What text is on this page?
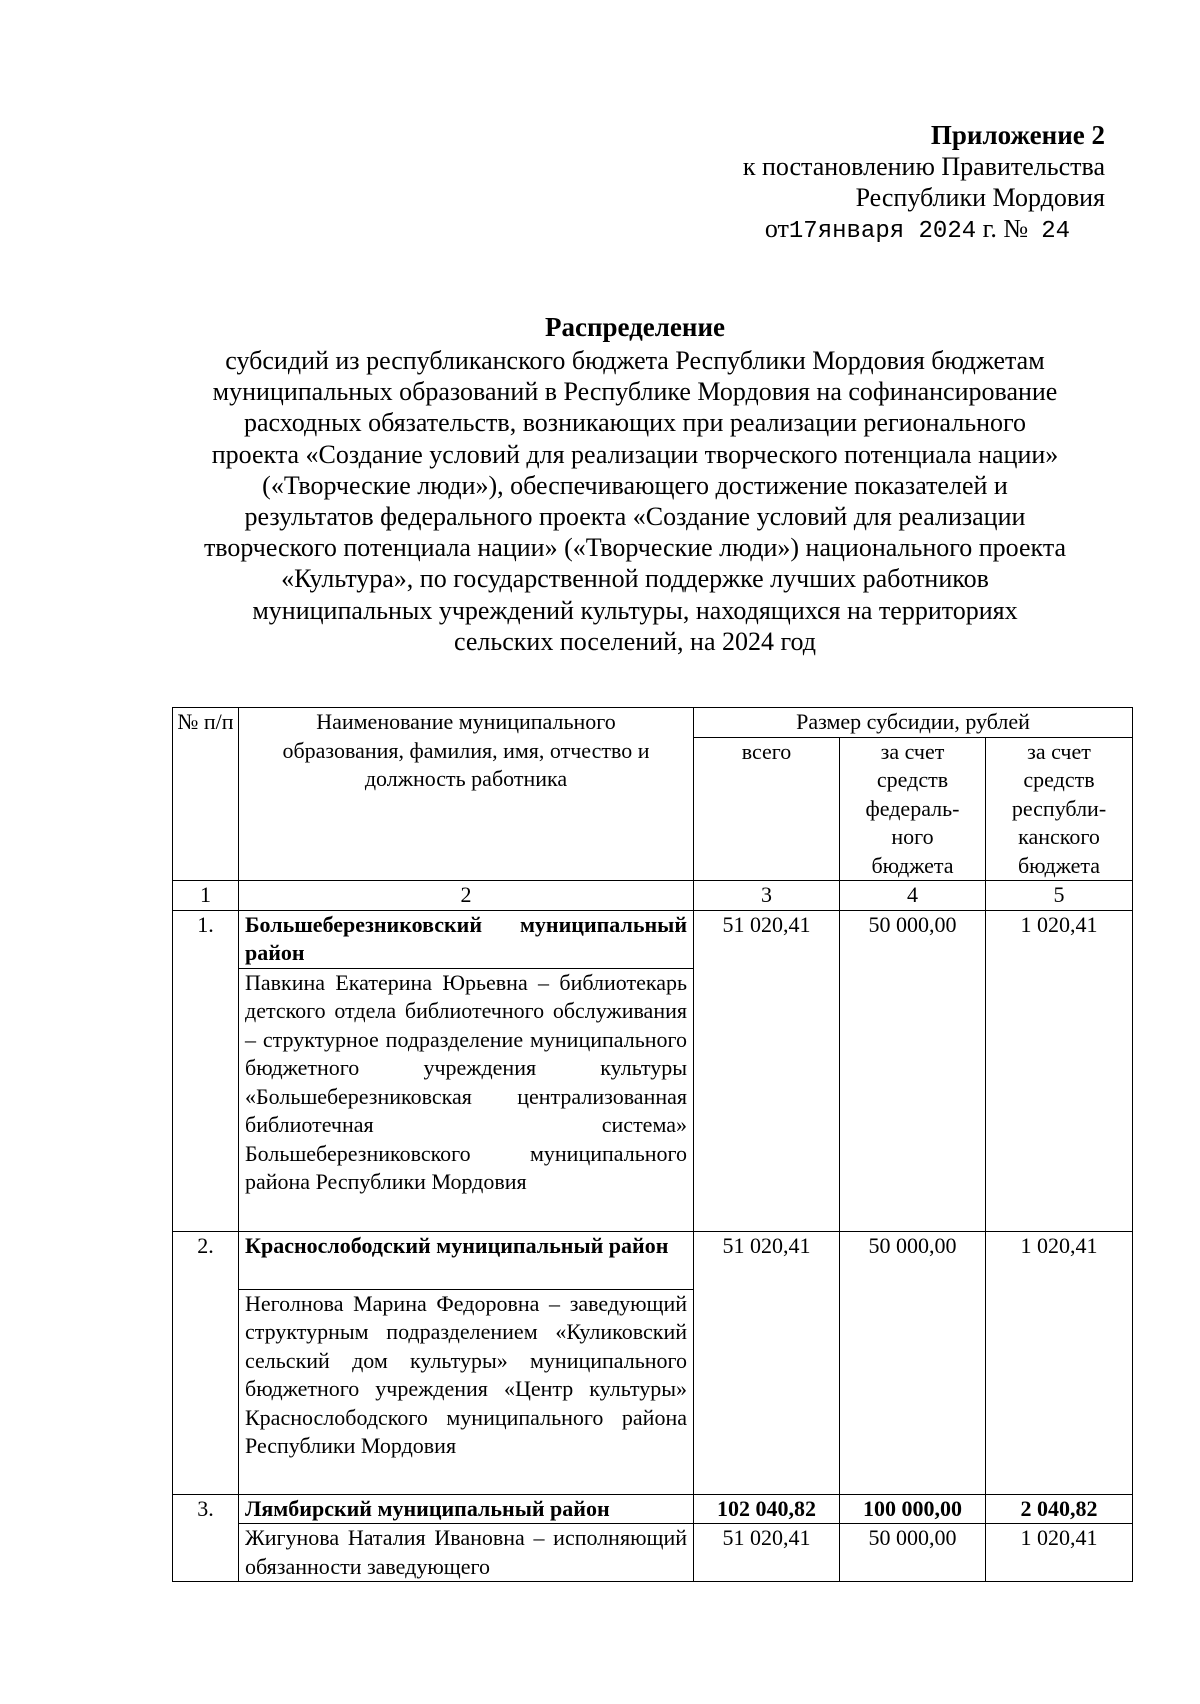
Приложение 2
к постановлению Правительства
Республики Мордовия
от17января 2024 г. № 24
Распределение
субсидий из республиканского бюджета Республики Мордовия бюджетам
муниципальных образований в Республике Мордовия на софинансирование
расходных обязательств, возникающих при реализации регионального
проекта «Создание условий для реализации творческого потенциала нации»
(«Творческие люди»), обеспечивающего достижение показателей и
результатов федерального проекта «Создание условий для реализации
творческого потенциала нации» («Творческие люди») национального проекта
«Культура», по государственной поддержке лучших работников
муниципальных учреждений культуры, находящихся на территориях
сельских поселений, на 2024 год
№ п/п	Наименование муниципального образования, фамилия, имя, отчество и должность работника	Размер субсидии, рублей		
		всего	за счет средств федераль-ного бюджета	за счет средств республи-канского бюджета
1	2	3	4	5
1.	Большеберезниковский муниципальный район	51 020,41	50 000,00	1 020,41
	Павкина Екатерина Юрьевна – библиотекарь детского отдела библиотечного обслуживания – структурное подразделение муниципального бюджетного учреждения культуры «Большеберезниковская централизованная библиотечная система» Большеберезниковского муниципального района Республики Мордовия			
2.	Краснослободский муниципальный район	51 020,41	50 000,00	1 020,41
	Неголнова Марина Федоровна – заведующий структурным подразделением «Куликовский сельский дом культуры» муниципального бюджетного учреждения «Центр культуры» Краснослободского муниципального района Республики Мордовия			
3.	Лямбирский муниципальный район	102 040,82	100 000,00	2 040,82
	Жигунова Наталия Ивановна – исполняющий обязанности заведующего	51 020,41	50 000,00	1 020,41
